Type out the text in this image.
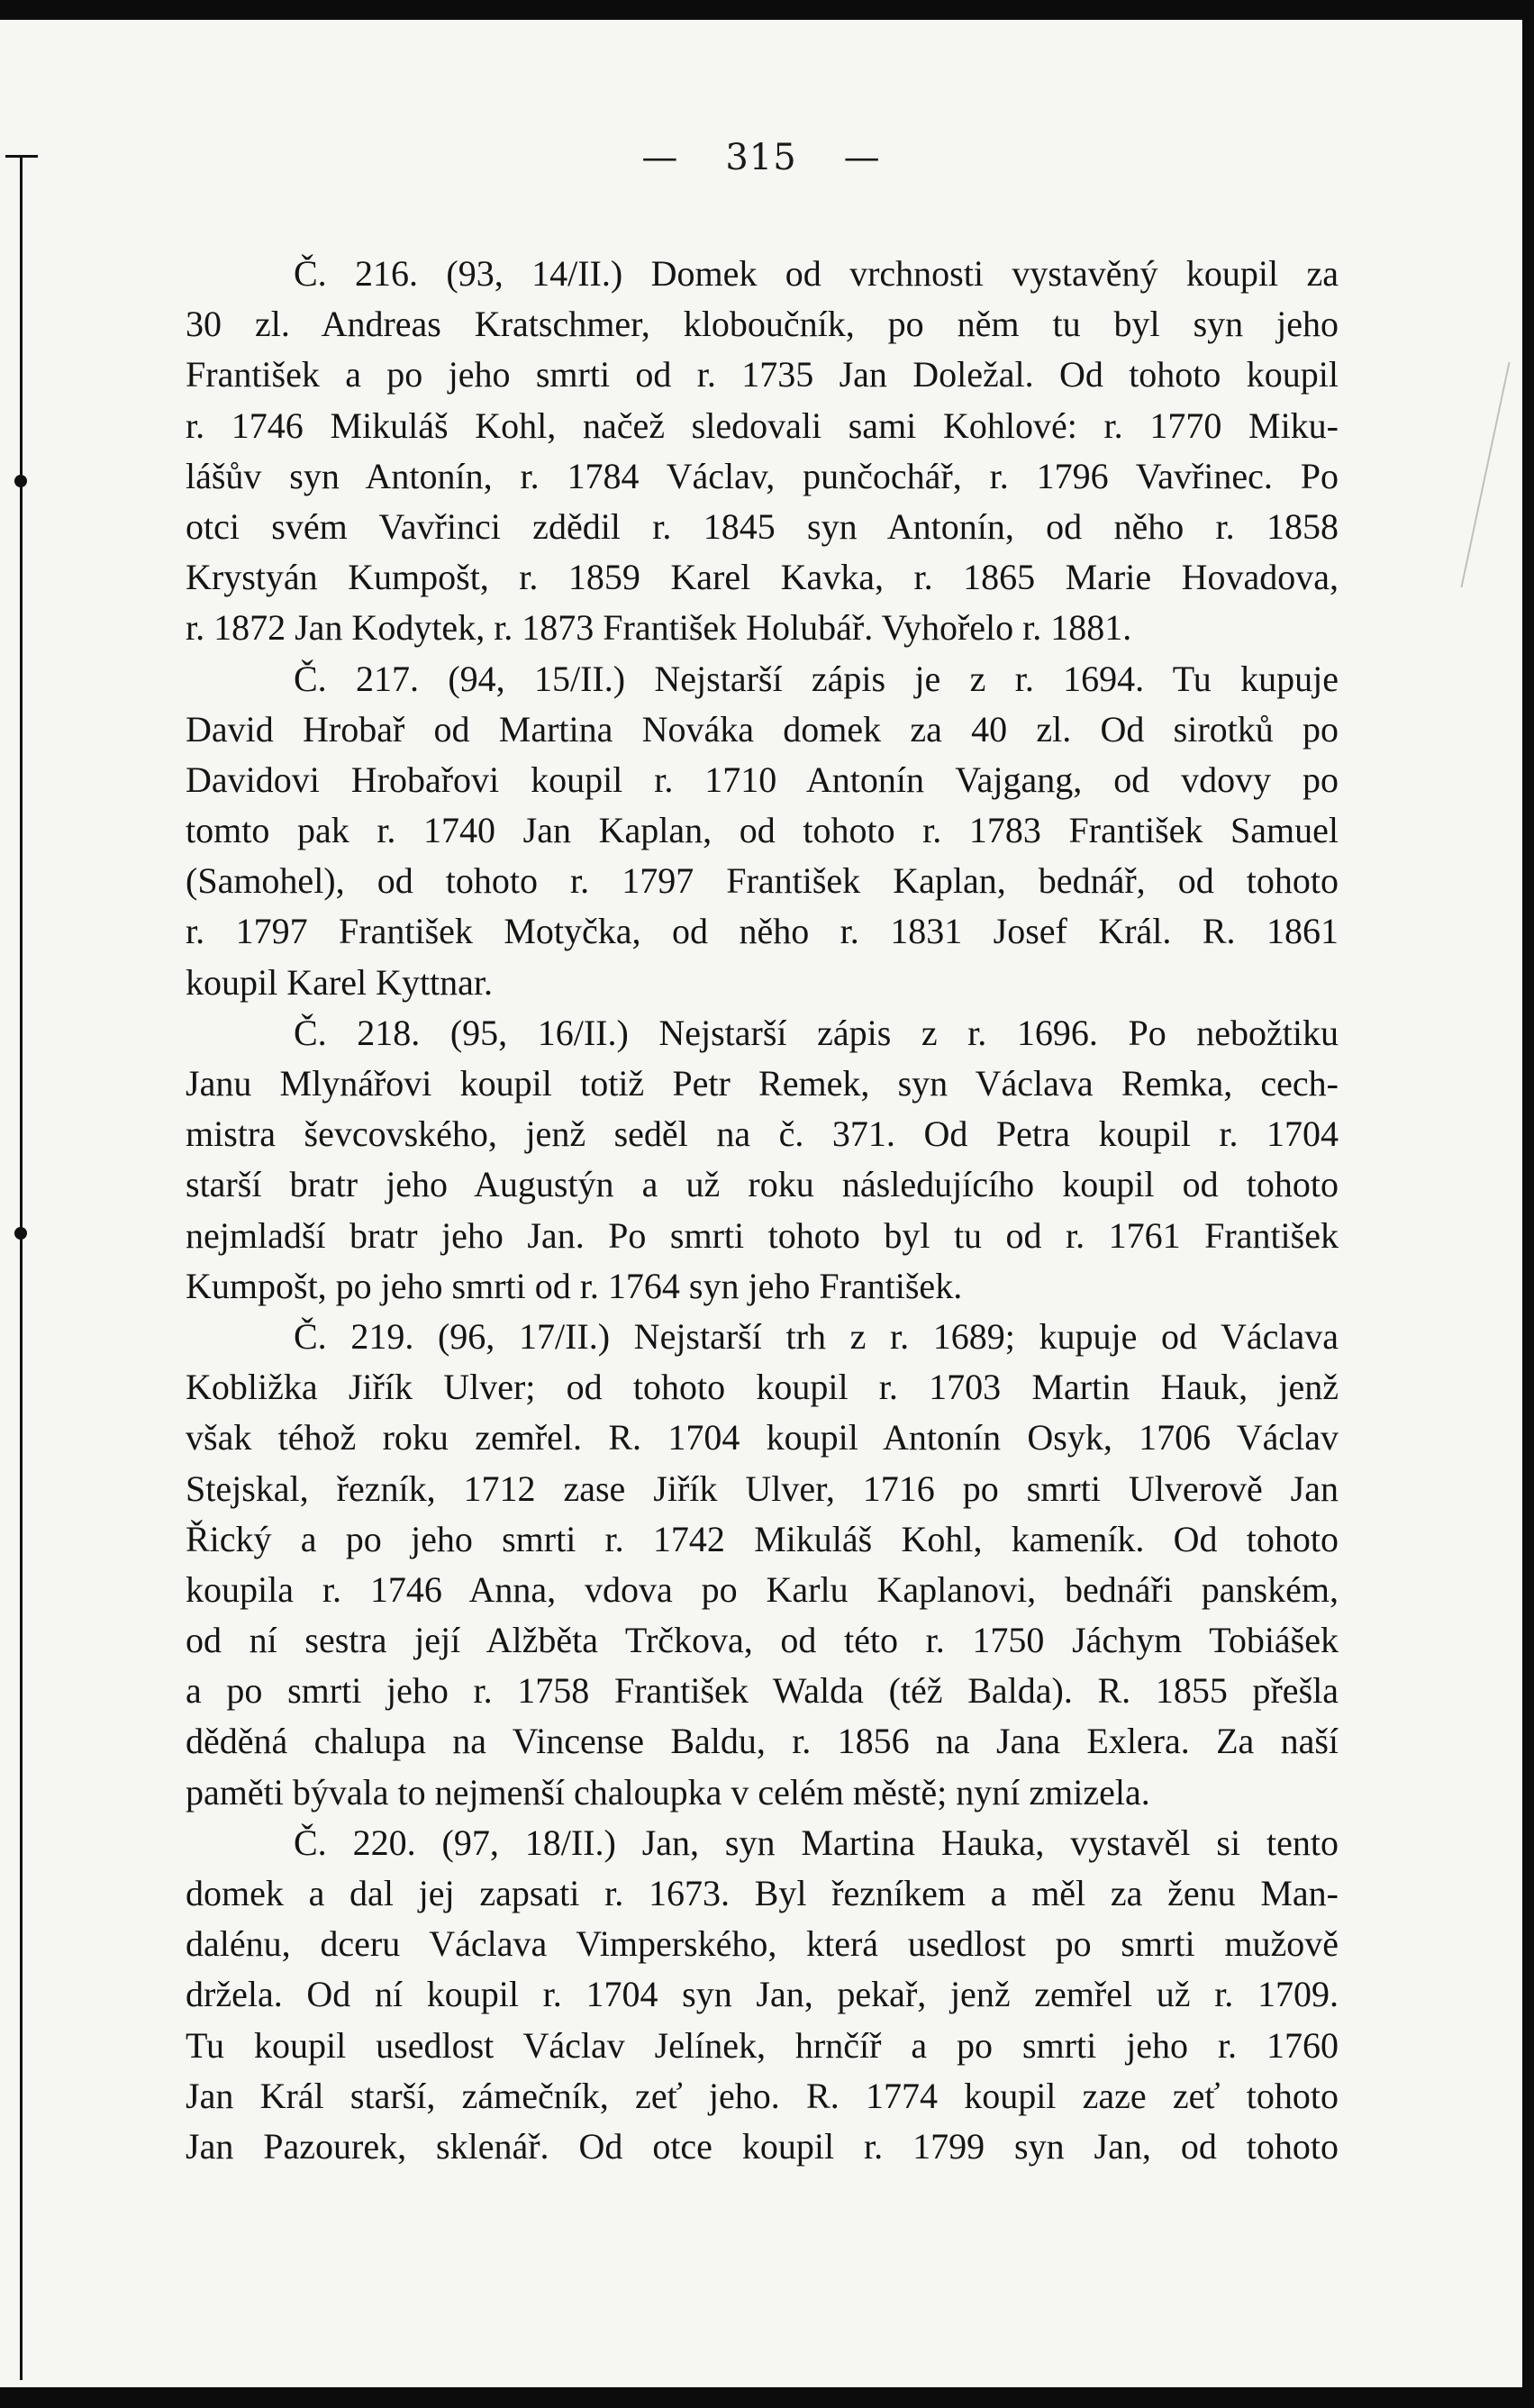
— 315 —
Č. 216. (93, 14/II.) Domek od vrchnosti vystavěný koupil za
30 zl. Andreas Kratschmer, kloboučník, po něm tu byl syn jeho
František a po jeho smrti od r. 1735 Jan Doležal. Od tohoto koupil
r. 1746 Mikuláš Kohl, načež sledovali sami Kohlové: r. 1770 Miku-
lášův syn Antonín, r. 1784 Václav, punčochář, r. 1796 Vavřinec. Po
otci svém Vavřinci zdědil r. 1845 syn Antonín, od něho r. 1858
Krystyán Kumpošt, r. 1859 Karel Kavka, r. 1865 Marie Hovadova,
r. 1872 Jan Kodytek, r. 1873 František Holubář. Vyhořelo r. 1881.
Č. 217. (94, 15/II.) Nejstarší zápis je z r. 1694. Tu kupuje
David Hrobař od Martina Nováka domek za 40 zl. Od sirotků po
Davidovi Hrobařovi koupil r. 1710 Antonín Vajgang, od vdovy po
tomto pak r. 1740 Jan Kaplan, od tohoto r. 1783 František Samuel
(Samohel), od tohoto r. 1797 František Kaplan, bednář, od tohoto
r. 1797 František Motyčka, od něho r. 1831 Josef Král. R. 1861
koupil Karel Kyttnar.
Č. 218. (95, 16/II.) Nejstarší zápis z r. 1696. Po nebožtiku
Janu Mlynářovi koupil totiž Petr Remek, syn Václava Remka, cech-
mistra ševcovského, jenž seděl na č. 371. Od Petra koupil r. 1704
starší bratr jeho Augustýn a už roku následujícího koupil od tohoto
nejmladší bratr jeho Jan. Po smrti tohoto byl tu od r. 1761 František
Kumpošt, po jeho smrti od r. 1764 syn jeho František.
Č. 219. (96, 17/II.) Nejstarší trh z r. 1689; kupuje od Václava
Kobližka Jiřík Ulver; od tohoto koupil r. 1703 Martin Hauk, jenž
však téhož roku zemřel. R. 1704 koupil Antonín Osyk, 1706 Václav
Stejskal, řezník, 1712 zase Jiřík Ulver, 1716 po smrti Ulverově Jan
Řický a po jeho smrti r. 1742 Mikuláš Kohl, kameník. Od tohoto
koupila r. 1746 Anna, vdova po Karlu Kaplanovi, bednáři panském,
od ní sestra její Alžběta Trčkova, od této r. 1750 Jáchym Tobiášek
a po smrti jeho r. 1758 František Walda (též Balda). R. 1855 přešla
děděná chalupa na Vincense Baldu, r. 1856 na Jana Exlera. Za naší
paměti bývala to nejmenší chaloupka v celém městě; nyní zmizela.
Č. 220. (97, 18/II.) Jan, syn Martina Hauka, vystavěl si tento
domek a dal jej zapsati r. 1673. Byl řezníkem a měl za ženu Man-
dalénu, dceru Václava Vimperského, která usedlost po smrti mužově
držela. Od ní koupil r. 1704 syn Jan, pekař, jenž zemřel už r. 1709.
Tu koupil usedlost Václav Jelínek, hrnčíř a po smrti jeho r. 1760
Jan Král starší, zámečník, zeť jeho. R. 1774 koupil zaze zeť tohoto
Jan Pazourek, sklenář. Od otce koupil r. 1799 syn Jan, od tohoto
